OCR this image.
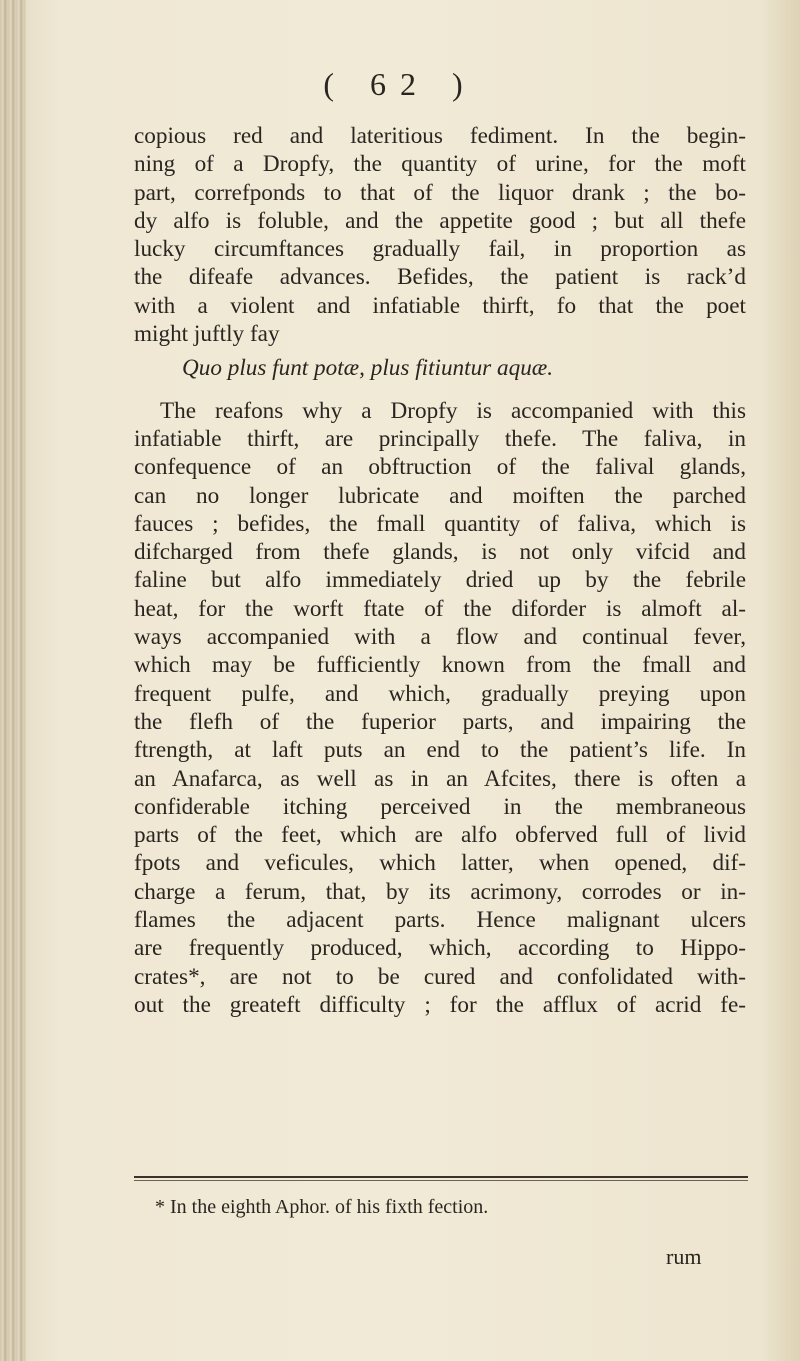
( 62 )
copious red and lateritious fediment. In the begin-
ning of a Dropfy, the quantity of urine, for the moft
part, correfponds to that of the liquor drank ; the bo-
dy alfo is foluble, and the appetite good ; but all thefe
lucky circumftances gradually fail, in proportion as
the difeafe advances. Befides, the patient is rack’d
with a violent and infatiable thirft, fo that the poet
might juftly fay
Quo plus funt potæ, plus fitiuntur aquæ.
The reafons why a Dropfy is accompanied with this
infatiable thirft, are principally thefe. The faliva, in
confequence of an obftruction of the falival glands,
can no longer lubricate and moiften the parched
fauces ; befides, the fmall quantity of faliva, which is
difcharged from thefe glands, is not only vifcid and
faline but alfo immediately dried up by the febrile
heat, for the worft ftate of the diforder is almoft al-
ways accompanied with a flow and continual fever,
which may be fufficiently known from the fmall and
frequent pulfe, and which, gradually preying upon
the flefh of the fuperior parts, and impairing the
ftrength, at laft puts an end to the patient’s life. In
an Anafarca, as well as in an Afcites, there is often a
confiderable itching perceived in the membraneous
parts of the feet, which are alfo obferved full of livid
fpots and veficules, which latter, when opened, dif-
charge a ferum, that, by its acrimony, corrodes or in-
flames the adjacent parts. Hence malignant ulcers
are frequently produced, which, according to Hippo-
crates*, are not to be cured and confolidated with-
out the greateft difficulty ; for the afflux of acrid fe-
* In the eighth Aphor. of his fixth fection.
rum
